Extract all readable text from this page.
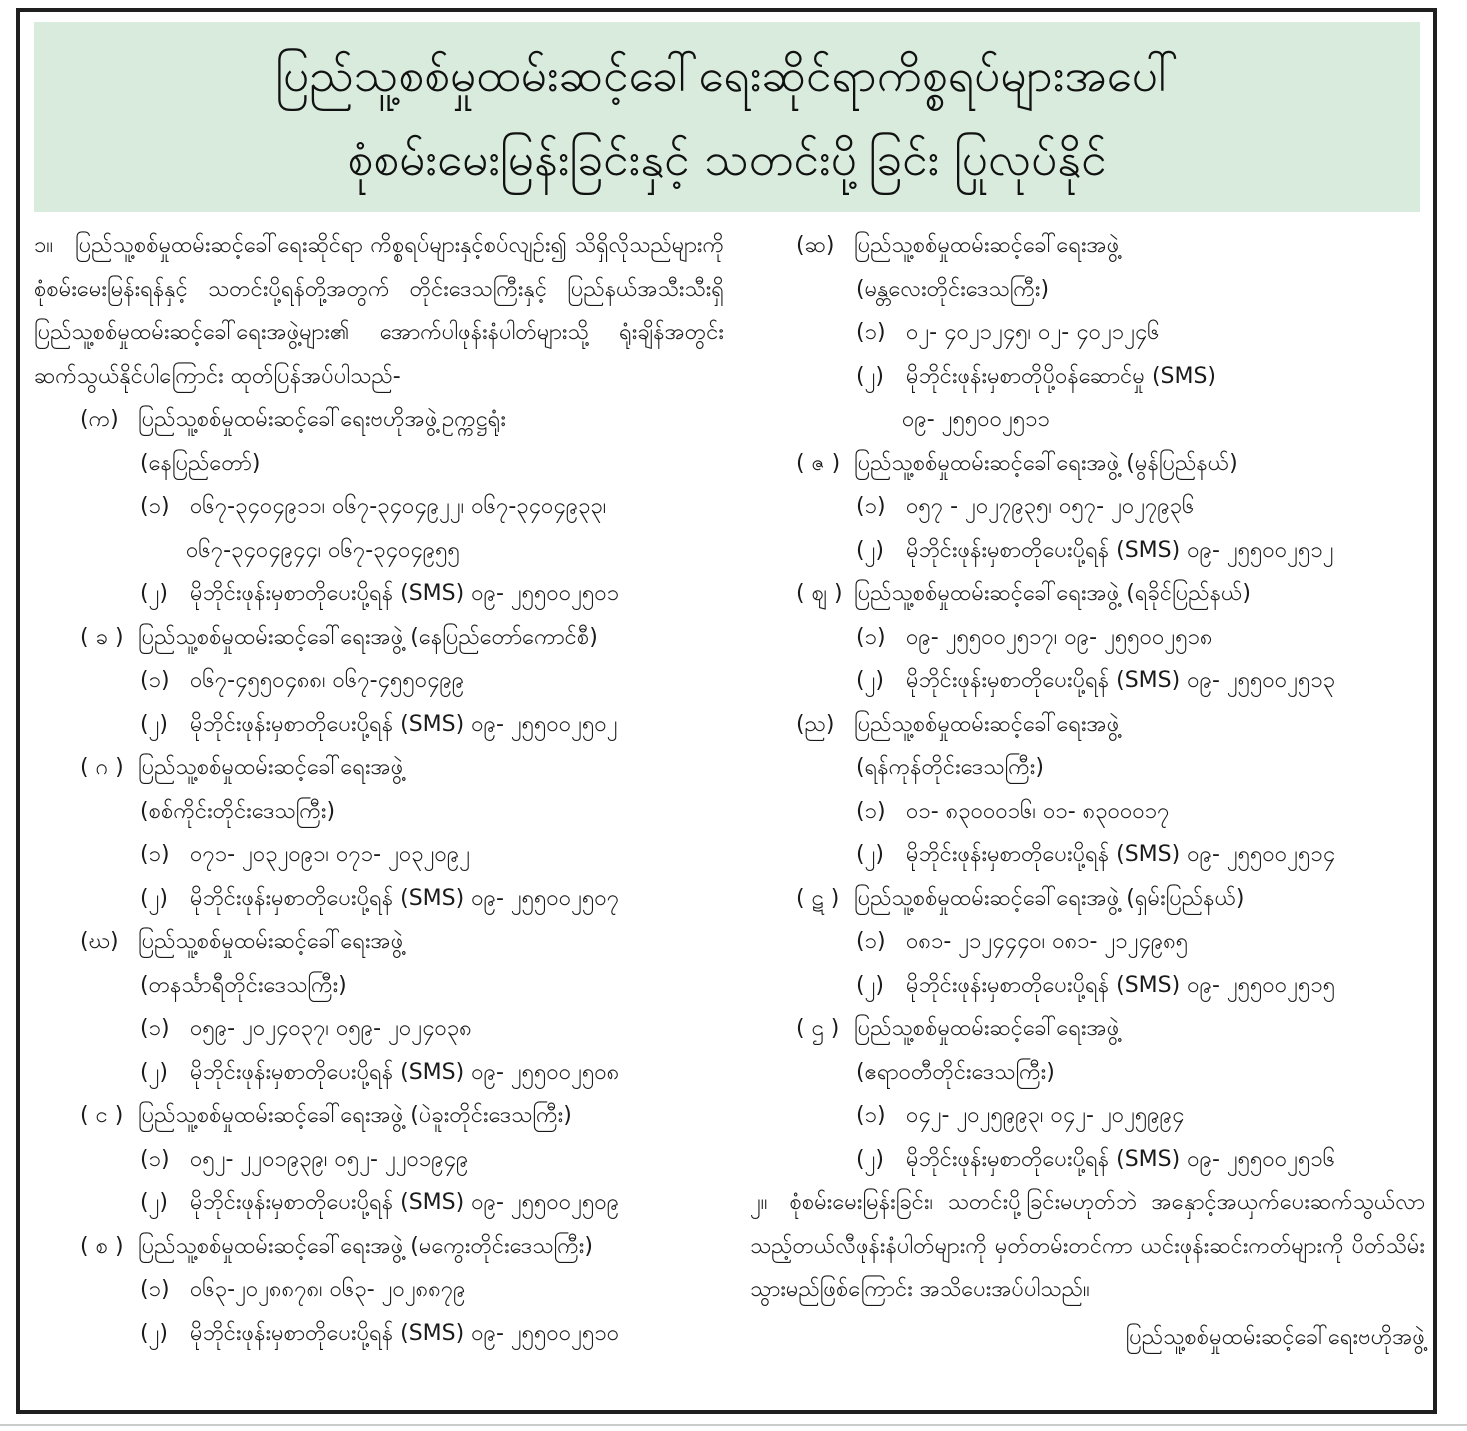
ပြည်သူ့စစ်မှုထမ်းဆင့်ခေါ်ရေးဆိုင်ရာကိစ္စရပ်များအပေါ်
စုံစမ်းမေးမြန်းခြင်းနှင့် သတင်းပို့ခြင်း ပြုလုပ်နိုင်
၁။ ပြည်သူ့စစ်မှုထမ်းဆင့်ခေါ်ရေးဆိုင်ရာ ကိစ္စရပ်များနှင့်စပ်လျဥ်း၍ သိရှိလိုသည်များကို စုံစမ်းမေးမြန်းရန်နှင့် သတင်းပို့ရန်တို့အတွက် တိုင်းဒေသကြီးနှင့် ပြည်နယ်အသီးသီးရှိ ပြည်သူ့စစ်မှုထမ်းဆင့်ခေါ်ရေးအဖွဲ့များ၏ အောက်ပါဖုန်းနံပါတ်များသို့ ရုံးချိန်အတွင်း ဆက်သွယ်နိုင်ပါကြောင်း ထုတ်ပြန်အပ်ပါသည်-
(က) ပြည်သူ့စစ်မှုထမ်းဆင့်ခေါ်ရေးဗဟိုအဖွဲ့ဥက္ကဋ္ဌရုံး
(နေပြည်တော်)
(၁) ၀၆၇-၃၄၀၄၉၁၁၊ ၀၆၇-၃၄၀၄၉၂၂၊ ၀၆၇-၃၄၀၄၉၃၃၊
၀၆၇-၃၄၀၄၉၄၄၊ ၀၆၇-၃၄၀၄၉၅၅
(၂) မိုဘိုင်းဖုန်းမှစာတိုပေးပို့ရန် (SMS) ၀၉- ၂၅၅၀၀၂၅၀၁
( ခ ) ပြည်သူ့စစ်မှုထမ်းဆင့်ခေါ်ရေးအဖွဲ့ (နေပြည်တော်ကောင်စီ)
(၁) ၀၆၇-၄၅၅၀၄၈၈၊ ၀၆၇-၄၅၅၀၄၉၉
(၂) မိုဘိုင်းဖုန်းမှစာတိုပေးပို့ရန် (SMS) ၀၉- ၂၅၅၀၀၂၅၀၂
( ဂ ) ပြည်သူ့စစ်မှုထမ်းဆင့်ခေါ်ရေးအဖွဲ့
(စစ်ကိုင်းတိုင်းဒေသကြီး)
(၁) ၀၇၁- ၂၀၃၂၀၉၁၊ ၀၇၁- ၂၀၃၂၀၉၂
(၂) မိုဘိုင်းဖုန်းမှစာတိုပေးပို့ရန် (SMS) ၀၉- ၂၅၅၀၀၂၅၀၇
(ဃ) ပြည်သူ့စစ်မှုထမ်းဆင့်ခေါ်ရေးအဖွဲ့
(တနင်္သာရီတိုင်းဒေသကြီး)
(၁) ၀၅၉- ၂၀၂၄၀၃၇၊ ၀၅၉- ၂၀၂၄၀၃၈
(၂) မိုဘိုင်းဖုန်းမှစာတိုပေးပို့ရန် (SMS) ၀၉- ၂၅၅၀၀၂၅၀၈
( င ) ပြည်သူ့စစ်မှုထမ်းဆင့်ခေါ်ရေးအဖွဲ့ (ပဲခူးတိုင်းဒေသကြီး)
(၁) ၀၅၂- ၂၂၀၁၉၃၉၊ ၀၅၂- ၂၂၀၁၉၄၉
(၂) မိုဘိုင်းဖုန်းမှစာတိုပေးပို့ရန် (SMS) ၀၉- ၂၅၅၀၀၂၅၀၉
( စ ) ပြည်သူ့စစ်မှုထမ်းဆင့်ခေါ်ရေးအဖွဲ့ (မကွေးတိုင်းဒေသကြီး)
(၁) ၀၆၃-၂၀၂၈၈၇၈၊ ၀၆၃- ၂၀၂၈၈၇၉
(၂) မိုဘိုင်းဖုန်းမှစာတိုပေးပို့ရန် (SMS) ၀၉- ၂၅၅၀၀၂၅၁၀
(ဆ) ပြည်သူ့စစ်မှုထမ်းဆင့်ခေါ်ရေးအဖွဲ့
(မန္တလေးတိုင်းဒေသကြီး)
(၁) ၀၂- ၄၀၂၁၂၄၅၊ ၀၂- ၄၀၂၁၂၄၆
(၂) မိုဘိုင်းဖုန်းမှစာတိုပို့ဝန်ဆောင်မှု (SMS)
၀၉- ၂၅၅၀၀၂၅၁၁
( ဇ ) ပြည်သူ့စစ်မှုထမ်းဆင့်ခေါ်ရေးအဖွဲ့ (မွန်ပြည်နယ်)
(၁) ၀၅၇ - ၂၀၂၇၉၃၅၊ ၀၅၇- ၂၀၂၇၉၃၆
(၂) မိုဘိုင်းဖုန်းမှစာတိုပေးပို့ရန် (SMS) ၀၉- ၂၅၅၀၀၂၅၁၂
( ဈ ) ပြည်သူ့စစ်မှုထမ်းဆင့်ခေါ်ရေးအဖွဲ့ (ရခိုင်ပြည်နယ်)
(၁) ၀၉- ၂၅၅၀၀၂၅၁၇၊ ၀၉- ၂၅၅၀၀၂၅၁၈
(၂) မိုဘိုင်းဖုန်းမှစာတိုပေးပို့ရန် (SMS) ၀၉- ၂၅၅၀၀၂၅၁၃
(ည) ပြည်သူ့စစ်မှုထမ်းဆင့်ခေါ်ရေးအဖွဲ့
(ရန်ကုန်တိုင်းဒေသကြီး)
(၁) ၀၁- ၈၃၀၀၀၁၆၊ ၀၁- ၈၃၀၀၀၁၇
(၂) မိုဘိုင်းဖုန်းမှစာတိုပေးပို့ရန် (SMS) ၀၉- ၂၅၅၀၀၂၅၁၄
( ဋ ) ပြည်သူ့စစ်မှုထမ်းဆင့်ခေါ်ရေးအဖွဲ့ (ရှမ်းပြည်နယ်)
(၁) ၀၈၁- ၂၁၂၄၄၄၀၊ ၀၈၁- ၂၁၂၄၉၈၅
(၂) မိုဘိုင်းဖုန်းမှစာတိုပေးပို့ရန် (SMS) ၀၉- ၂၅၅၀၀၂၅၁၅
( ဌ ) ပြည်သူ့စစ်မှုထမ်းဆင့်ခေါ်ရေးအဖွဲ့
(ဧရာဝတီတိုင်းဒေသကြီး)
(၁) ၀၄၂- ၂၀၂၅၉၉၃၊ ၀၄၂- ၂၀၂၅၉၉၄
(၂) မိုဘိုင်းဖုန်းမှစာတိုပေးပို့ရန် (SMS) ၀၉- ၂၅၅၀၀၂၅၁၆
၂။ စုံစမ်းမေးမြန်းခြင်း၊ သတင်းပို့ခြင်းမဟုတ်ဘဲ အနှောင့်အယှက်ပေးဆက်သွယ်လာသည့်တယ်လီဖုန်းနံပါတ်များကို မှတ်တမ်းတင်ကာ ယင်းဖုန်းဆင်းကတ်များကို ပိတ်သိမ်းသွားမည်ဖြစ်ကြောင်း အသိပေးအပ်ပါသည်။
ပြည်သူ့စစ်မှုထမ်းဆင့်ခေါ်ရေးဗဟိုအဖွဲ့
